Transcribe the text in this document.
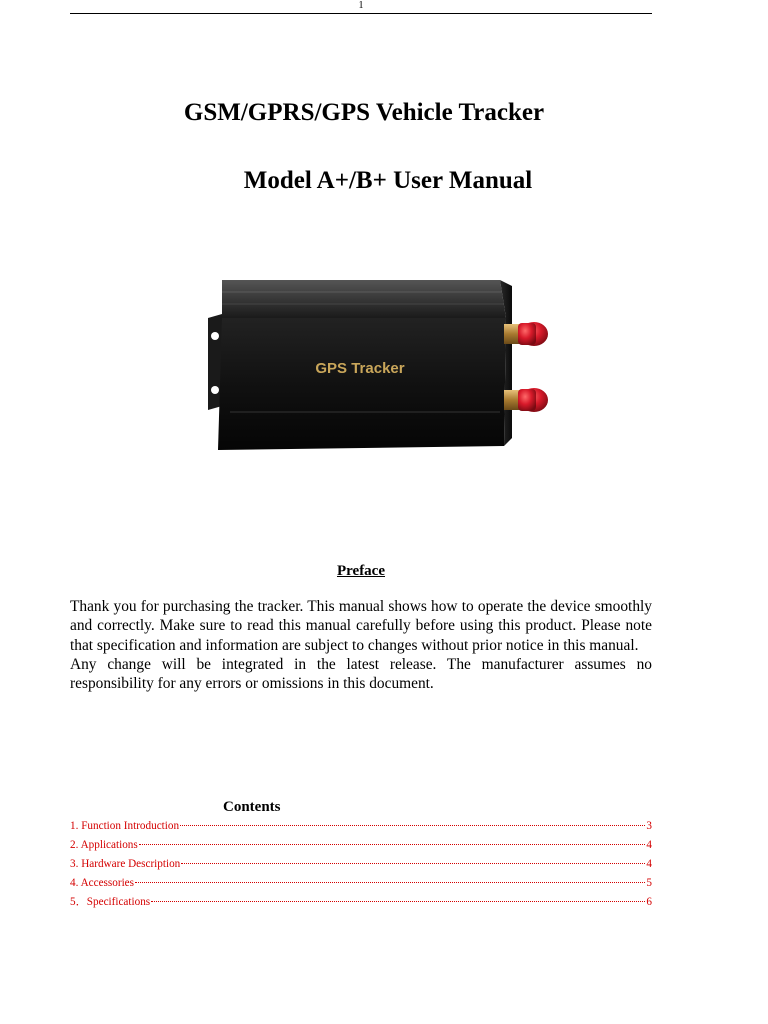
1
GSM/GPRS/GPS Vehicle Tracker
Model A+/B+ User Manual
GPS Tracker
Preface

Thank you for purchasing the tracker. This manual shows how to operate the device smoothly and correctly. Make sure to read this manual carefully before using this product. Please note that specification and information are subject to changes without prior notice in this manual.

Any change will be integrated in the latest release. The manufacturer assumes no responsibility for any errors or omissions in this document.

Contents
1. Function Introduction	3
2. Applications	4
3. Hardware Description	4
4. Accessories	5
5．Specifications	6
